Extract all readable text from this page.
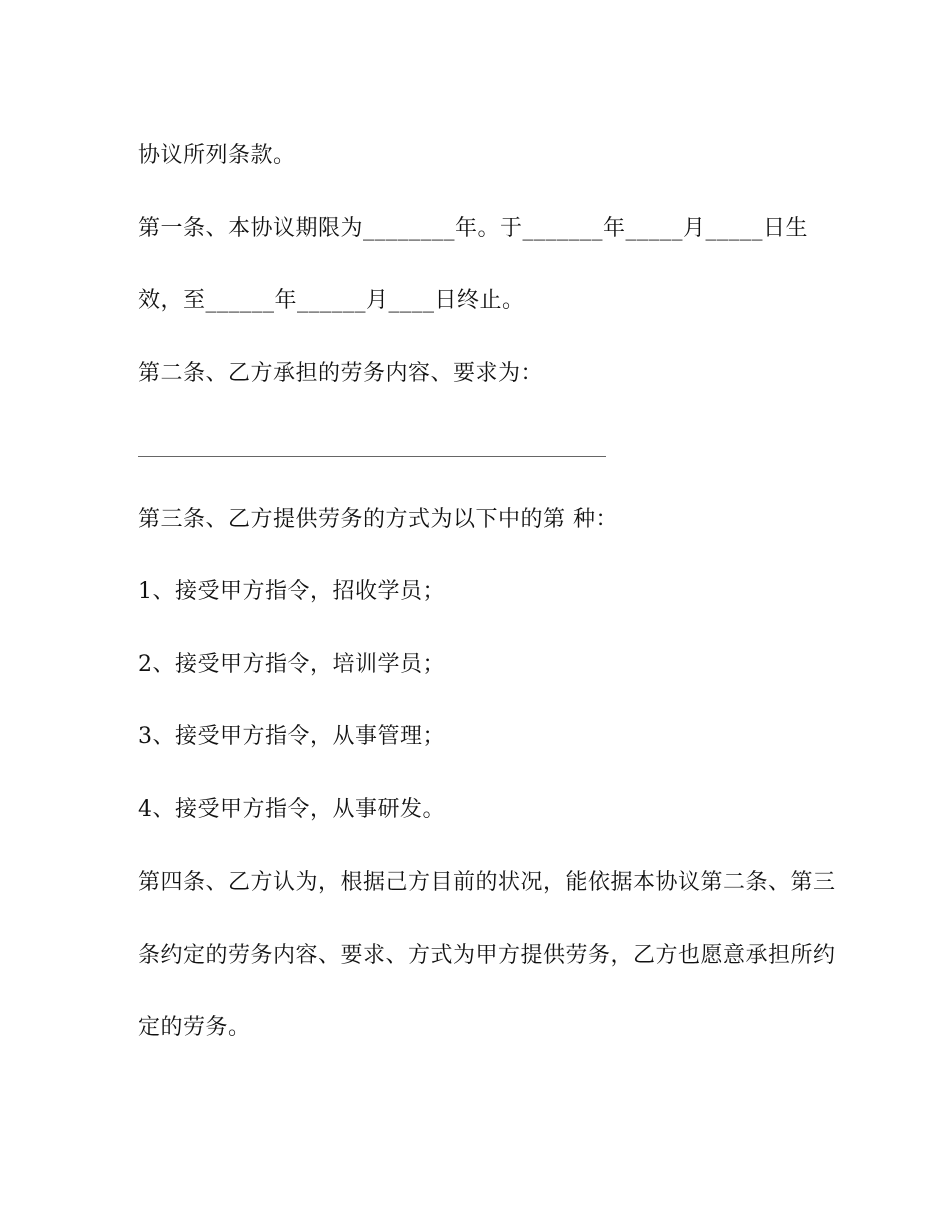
协议所列条款。
第一条、本协议期限为________年。于_______年_____月_____日生
效，至______年______月____日终止。
第二条、乙方承担的劳务内容、要求为：
第三条、乙方提供劳务的方式为以下中的第 种：
1、接受甲方指令，招收学员；
2、接受甲方指令，培训学员；
3、接受甲方指令，从事管理；
4、接受甲方指令，从事研发。
第四条、乙方认为，根据己方目前的状况，能依据本协议第二条、第三
条约定的劳务内容、要求、方式为甲方提供劳务，乙方也愿意承担所约
定的劳务。
